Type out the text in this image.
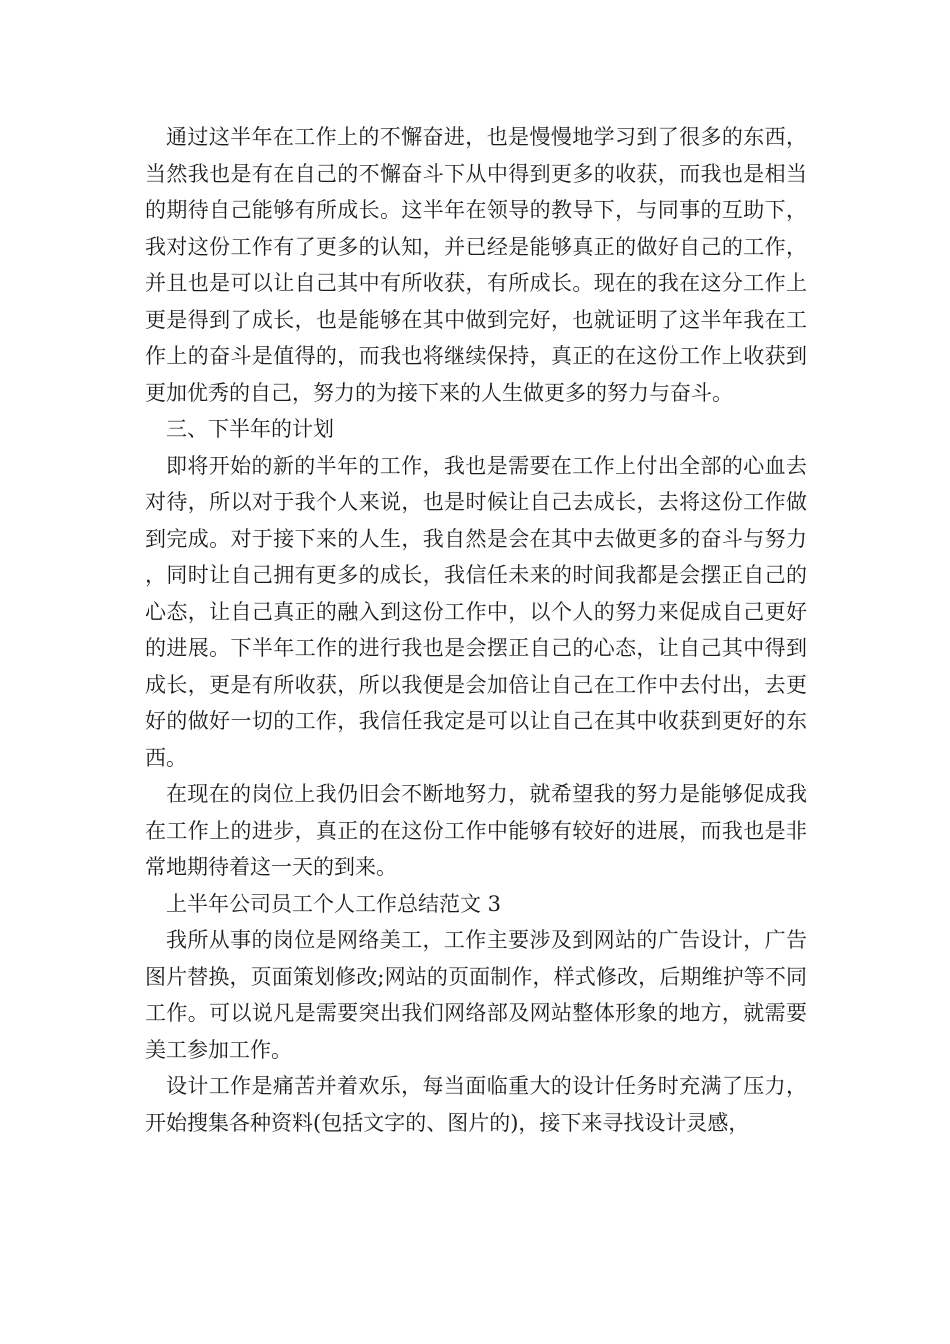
通过这半年在工作上的不懈奋进，也是慢慢地学习到了很多的东西，当然我也是有在自己的不懈奋斗下从中得到更多的收获，而我也是相当的期待自己能够有所成长。这半年在领导的教导下，与同事的互助下，我对这份工作有了更多的认知，并已经是能够真正的做好自己的工作，并且也是可以让自己其中有所收获，有所成长。现在的我在这分工作上更是得到了成长，也是能够在其中做到完好，也就证明了这半年我在工作上的奋斗是值得的，而我也将继续保持，真正的在这份工作上收获到更加优秀的自己，努力的为接下来的人生做更多的努力与奋斗。

三、下半年的计划

即将开始的新的半年的工作，我也是需要在工作上付出全部的心血去对待，所以对于我个人来说，也是时候让自己去成长，去将这份工作做到完成。对于接下来的人生，我自然是会在其中去做更多的奋斗与努力，同时让自己拥有更多的成长，我信任未来的时间我都是会摆正自己的心态，让自己真正的融入到这份工作中，以个人的努力来促成自己更好的进展。下半年工作的进行我也是会摆正自己的心态，让自己其中得到成长，更是有所收获，所以我便是会加倍让自己在工作中去付出，去更好的做好一切的工作，我信任我定是可以让自己在其中收获到更好的东西。

在现在的岗位上我仍旧会不断地努力，就希望我的努力是能够促成我在工作上的进步，真正的在这份工作中能够有较好的进展，而我也是非常地期待着这一天的到来。

上半年公司员工个人工作总结范文 3

我所从事的岗位是网络美工，工作主要涉及到网站的广告设计，广告图片替换，页面策划修改;网站的页面制作，样式修改，后期维护等不同工作。可以说凡是需要突出我们网络部及网站整体形象的地方，就需要美工参加工作。

设计工作是痛苦并着欢乐，每当面临重大的设计任务时充满了压力，开始搜集各种资料(包括文字的、图片的)，接下来寻找设计灵感，
